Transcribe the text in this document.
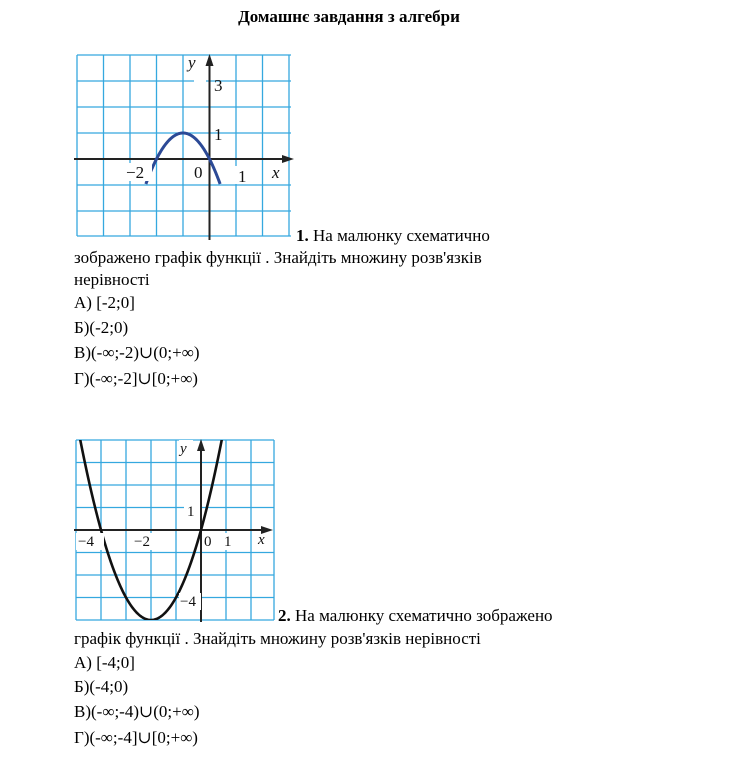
Домашнє завдання з алгебри
y
3
1
−2	0 1 x
1. На малюнку схематично
зображено графік функції . Знайдіть множину розв'язків
нерівності
А) [-2;0]
Б)(-2;0)
В)(-∞;-2)∪(0;+∞)
Г)(-∞;-2]∪[0;+∞)
y
1
−4	−2	0 1 x
−4
2. На малюнку схематично зображено
графік функції . Знайдіть множину розв'язків нерівності
А) [-4;0]
Б)(-4;0)
В)(-∞;-4)∪(0;+∞)
Г)(-∞;-4]∪[0;+∞)
